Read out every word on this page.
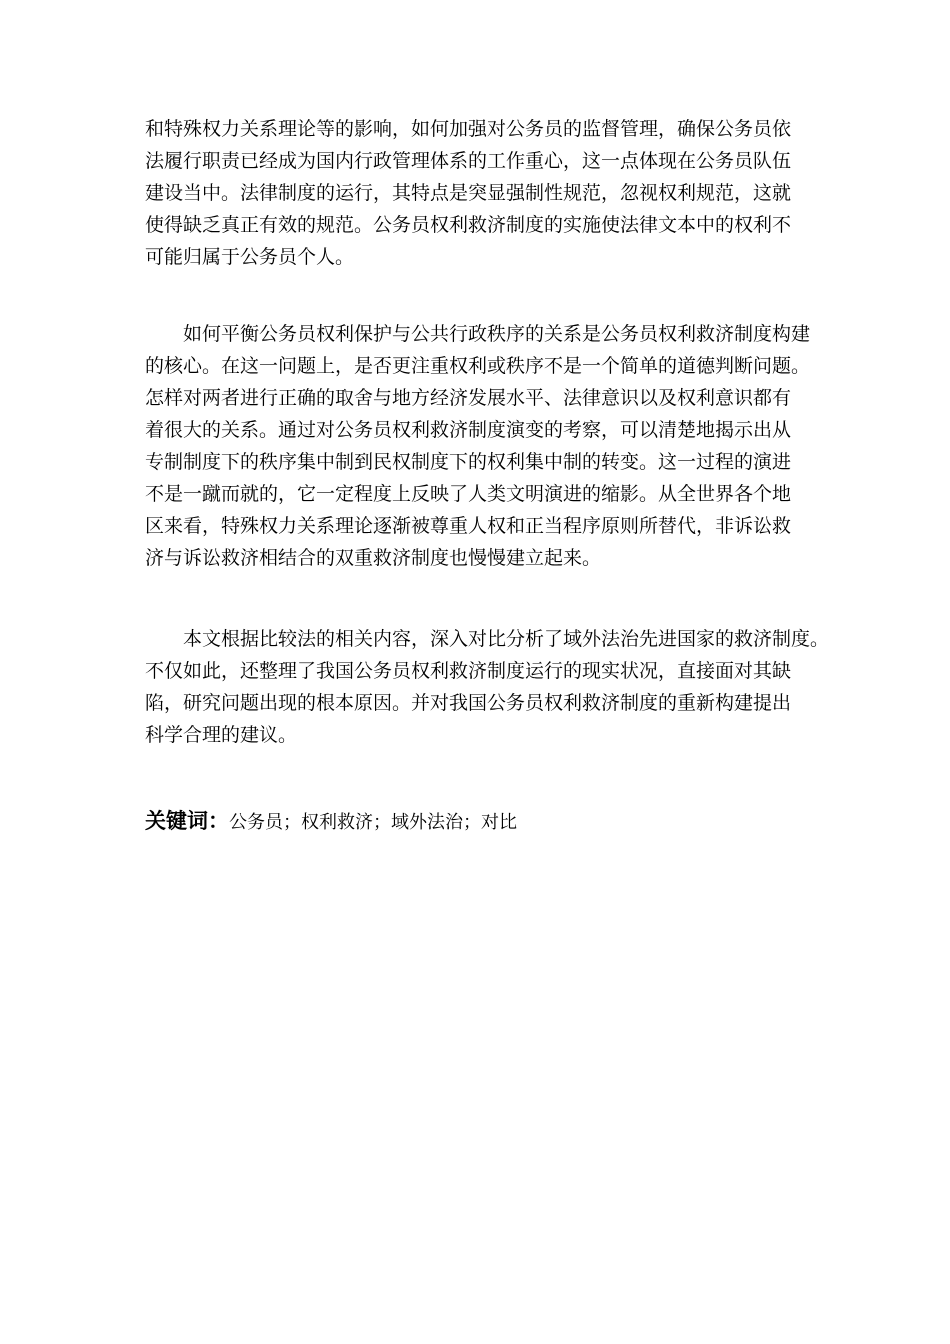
和特殊权力关系理论等的影响，如何加强对公务员的监督管理，确保公务员依
法履行职责已经成为国内行政管理体系的工作重心，这一点体现在公务员队伍
建设当中。法律制度的运行，其特点是突显强制性规范，忽视权利规范，这就
使得缺乏真正有效的规范。公务员权利救济制度的实施使法律文本中的权利不
可能归属于公务员个人。
如何平衡公务员权利保护与公共行政秩序的关系是公务员权利救济制度构建
的核心。在这一问题上，是否更注重权利或秩序不是一个简单的道德判断问题。
怎样对两者进行正确的取舍与地方经济发展水平、法律意识以及权利意识都有
着很大的关系。通过对公务员权利救济制度演变的考察，可以清楚地揭示出从
专制制度下的秩序集中制到民权制度下的权利集中制的转变。这一过程的演进
不是一蹴而就的，它一定程度上反映了人类文明演进的缩影。从全世界各个地
区来看，特殊权力关系理论逐渐被尊重人权和正当程序原则所替代，非诉讼救
济与诉讼救济相结合的双重救济制度也慢慢建立起来。
本文根据比较法的相关内容，深入对比分析了域外法治先进国家的救济制度。
不仅如此，还整理了我国公务员权利救济制度运行的现实状况，直接面对其缺
陷，研究问题出现的根本原因。并对我国公务员权利救济制度的重新构建提出
科学合理的建议。
关键词：公务员；权利救济；域外法治；对比
